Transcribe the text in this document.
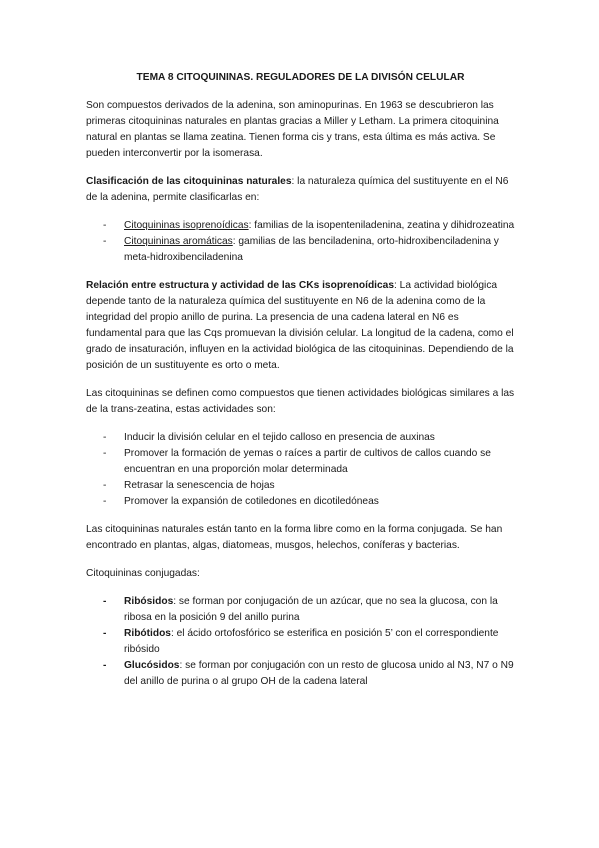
TEMA 8 CITOQUININAS. REGULADORES DE LA DIVISÓN CELULAR

Son compuestos derivados de la adenina, son aminopurinas. En 1963 se descubrieron las primeras citoquininas naturales en plantas gracias a Miller y Letham. La primera citoquinina natural en plantas se llama zeatina. Tienen forma cis y trans, esta última es más activa. Se pueden interconvertir por la isomerasa.

Clasificación de las citoquininas naturales: la naturaleza química del sustituyente en el N6 de la adenina, permite clasificarlas en:

- Citoquininas isoprenoídicas: familias de la isopenteniladenina, zeatina y dihidrozeatina
- Citoquininas aromáticas: gamilias de las benciladenina, orto-hidroxibenciladenina y meta-hidroxibenciladenina

Relación entre estructura y actividad de las CKs isoprenoídicas: La actividad biológica depende tanto de la naturaleza química del sustituyente en N6 de la adenina como de la integridad del propio anillo de purina. La presencia de una cadena lateral en N6 es fundamental para que las Cqs promuevan la división celular. La longitud de la cadena, como el grado de insaturación, influyen en la actividad biológica de las citoquininas. Dependiendo de la posición de un sustituyente es orto o meta.

Las citoquininas se definen como compuestos que tienen actividades biológicas similares a las de la trans-zeatina, estas actividades son:

- Inducir la división celular en el tejido calloso en presencia de auxinas
- Promover la formación de yemas o raíces a partir de cultivos de callos cuando se encuentran en una proporción molar determinada
- Retrasar la senescencia de hojas
- Promover la expansión de cotiledones en dicotiledóneas

Las citoquininas naturales están tanto en la forma libre como en la forma conjugada. Se han encontrado en plantas, algas, diatomeas, musgos, helechos, coníferas y bacterias.

Citoquininas conjugadas:

- Ribósidos: se forman por conjugación de un azúcar, que no sea la glucosa, con la ribosa en la posición 9 del anillo purina
- Ribótidos: el ácido ortofosfórico se esterifica en posición 5’ con el correspondiente ribósido
- Glucósidos: se forman por conjugación con un resto de glucosa unido al N3, N7 o N9 del anillo de purina o al grupo OH de la cadena lateral
